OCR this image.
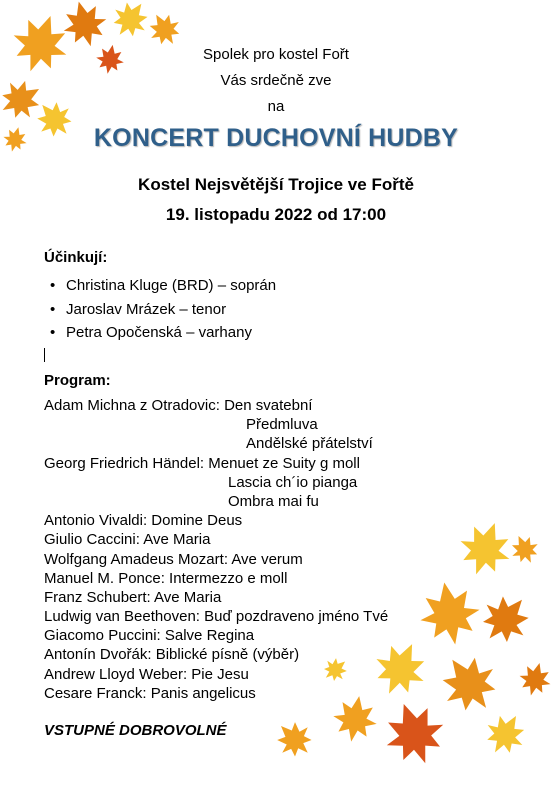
Spolek pro kostel Fořt
Vás srdečně zve
na
KONCERT DUCHOVNÍ HUDBY
Kostel Nejsvětější Trojice ve Fořtě
19. listopadu 2022 od 17:00
Účinkují:
• Christina Kluge (BRD) – soprán
• Jaroslav Mrázek – tenor
• Petra Opočenská – varhany
Program:
Adam Michna z Otradovic: Den svatební
Předmluva
Andělské přátelství
Georg Friedrich Händel: Menuet ze Suity g moll
Lascia ch´io pianga
Ombra mai fu
Antonio Vivaldi: Domine Deus
Giulio Caccini: Ave Maria
Wolfgang Amadeus Mozart: Ave verum
Manuel M. Ponce: Intermezzo e moll
Franz Schubert: Ave Maria
Ludwig van Beethoven: Buď pozdraveno jméno Tvé
Giacomo Puccini: Salve Regina
Antonín Dvořák: Biblické písně (výběr)
Andrew Lloyd Weber: Pie Jesu
Cesare Franck: Panis angelicus
VSTUPNÉ DOBROVOLNÉ
